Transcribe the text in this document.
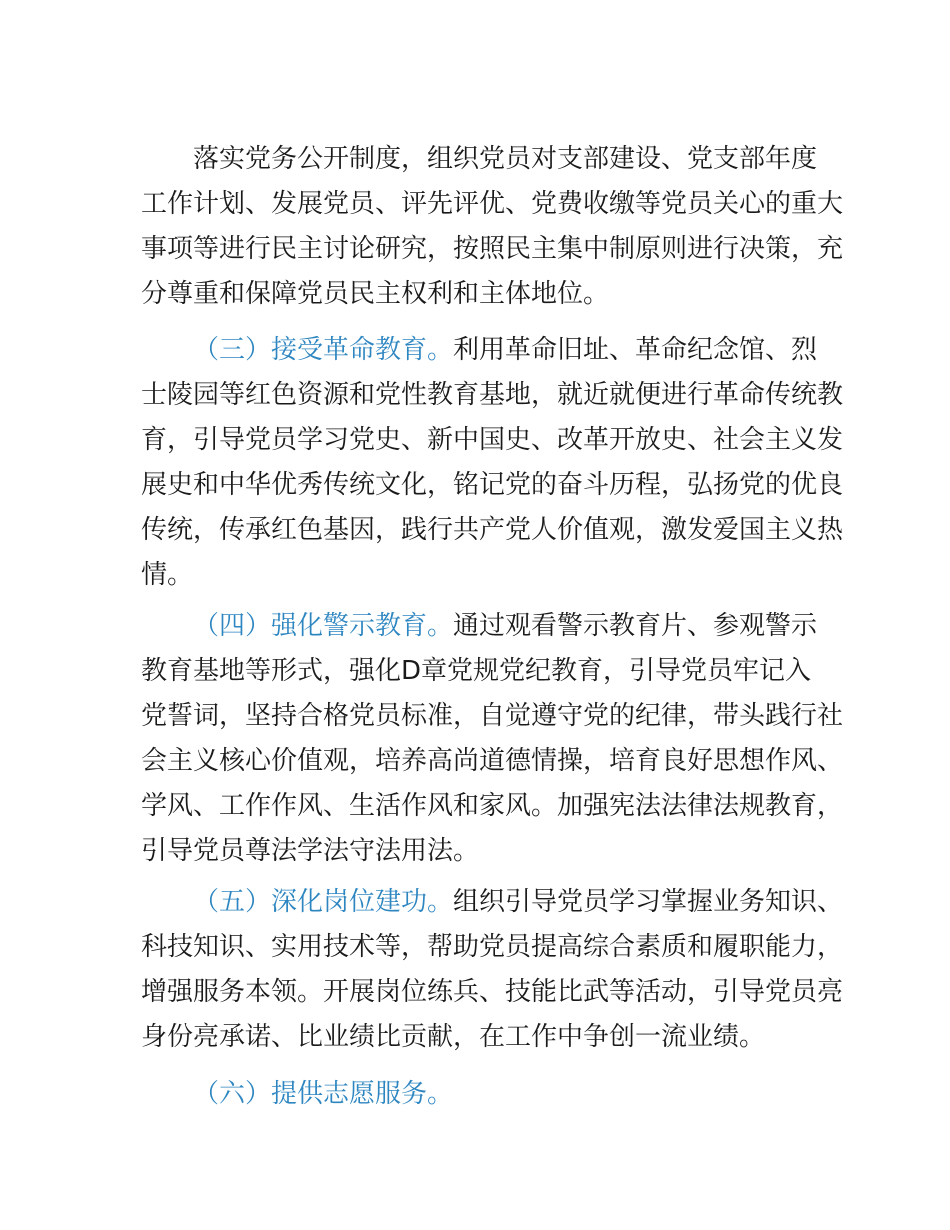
落实党务公开制度，组织党员对支部建设、党支部年度
工作计划、发展党员、评先评优、党费收缴等党员关心的重大
事项等进行民主讨论研究，按照民主集中制原则进行决策，充
分尊重和保障党员民主权利和主体地位。
（三）接受革命教育。利用革命旧址、革命纪念馆、烈
士陵园等红色资源和党性教育基地，就近就便进行革命传统教
育，引导党员学习党史、新中国史、改革开放史、社会主义发
展史和中华优秀传统文化，铭记党的奋斗历程，弘扬党的优良
传统，传承红色基因，践行共产党人价值观，激发爱国主义热
情。
（四）强化警示教育。通过观看警示教育片、参观警示
教育基地等形式，强化D章党规党纪教育，引导党员牢记入
党誓词，坚持合格党员标准，自觉遵守党的纪律，带头践行社
会主义核心价值观，培养高尚道德情操，培育良好思想作风、
学风、工作作风、生活作风和家风。加强宪法法律法规教育，
引导党员尊法学法守法用法。
（五）深化岗位建功。组织引导党员学习掌握业务知识、
科技知识、实用技术等，帮助党员提高综合素质和履职能力，
增强服务本领。开展岗位练兵、技能比武等活动，引导党员亮
身份亮承诺、比业绩比贡献，在工作中争创一流业绩。
（六）提供志愿服务。
